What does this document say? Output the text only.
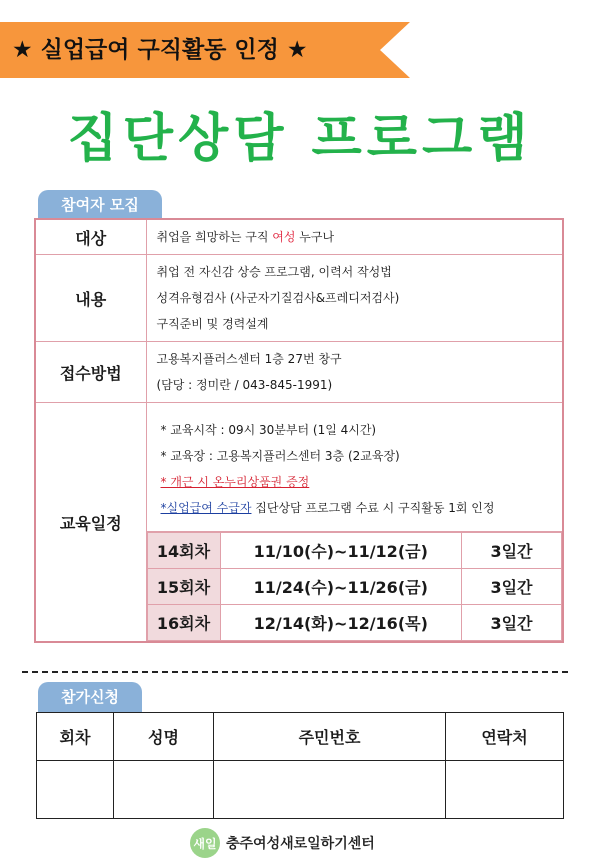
★ 실업급여 구직활동 인정 ★
집단상담 프로그램
참여자 모집
대상	취업을 희망하는 구직 여성 누구나
내용	
취업 전 자신감 상승 프로그램, 이력서 작성법
성격유형검사 (사군자기질검사&프레디저검사)
구직준비 및 경력설계

접수방법	
고용복지플러스센터 1층 27번 창구
(담당 : 정미란 / 043-845-1991)

교육일정	
* 교육시작 : 09시 30분부터 (1일 4시간)
* 교육장 : 고용복지플러스센터 3층 (2교육장)
* 개근 시 온누리상품권 증정
*실업급여 수급자 집단상담 프로그램 수료 시 구직활동 1회 인정
14회차	11/10(수)~11/12(금)	3일간
15회차	11/24(수)~11/26(금)	3일간
16회차	12/14(화)~12/16(목)	3일간
참가신청
회차	성명	주민번호	연락처

새일 충주여성새로일하기센터
